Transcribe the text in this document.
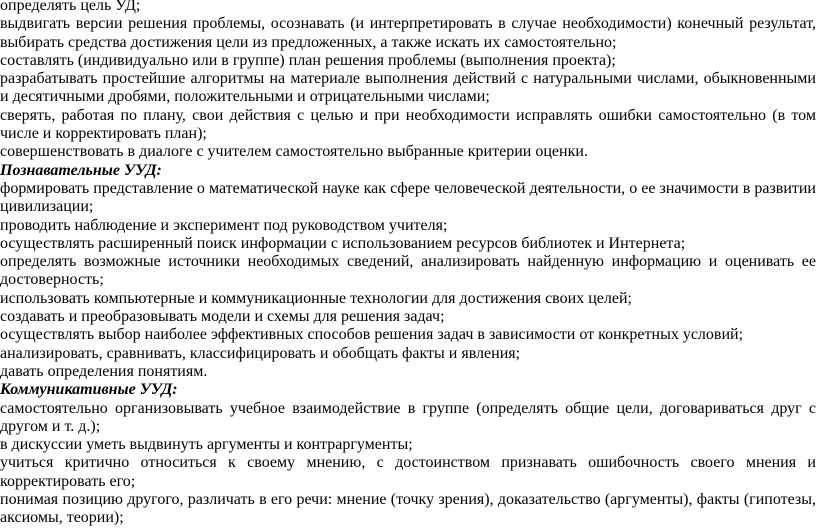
определять цель УД;

выдвигать версии решения проблемы, осознавать (и интерпретировать в случае необходимости) конечный результат, выбирать средства достижения цели из предложенных, а также искать их самостоятельно;

составлять (индивидуально или в группе) план решения проблемы (выполнения проекта);

разрабатывать простейшие алгоритмы на материале выполнения действий с натуральными числами, обыкновенными и десятичными дробями, положительными и отрицательными числами;

сверять, работая по плану, свои действия с целью и при необходимости исправлять ошибки самостоятельно (в том числе и корректировать план);

совершенствовать в диалоге с учителем самостоятельно выбранные критерии оценки.

Познавательные УУД:

формировать представление о математической науке как сфере человеческой деятельности, о ее значимости в развитии цивилизации;

проводить наблюдение и эксперимент под руководством учителя;

осуществлять расширенный поиск информации с использованием ресурсов библиотек и Интернета;

определять возможные источники необходимых сведений, анализировать найденную информацию и оценивать ее достоверность;

использовать компьютерные и коммуникационные технологии для достижения своих целей;

создавать и преобразовывать модели и схемы для решения задач;

осуществлять выбор наиболее эффективных способов решения задач в зависимости от конкретных условий;

анализировать, сравнивать, классифицировать и обобщать факты и явления;

давать определения понятиям.

Коммуникативные УУД:

самостоятельно организовывать учебное взаимодействие в группе (определять общие цели, договариваться друг с другом и т. д.);

в дискуссии уметь выдвинуть аргументы и контраргументы;

учиться критично относиться к своему мнению, с достоинством признавать ошибочность своего мнения и корректировать его;

понимая позицию другого, различать в его речи: мнение (точку зрения), доказательство (аргументы), факты (гипотезы, аксиомы, теории);
